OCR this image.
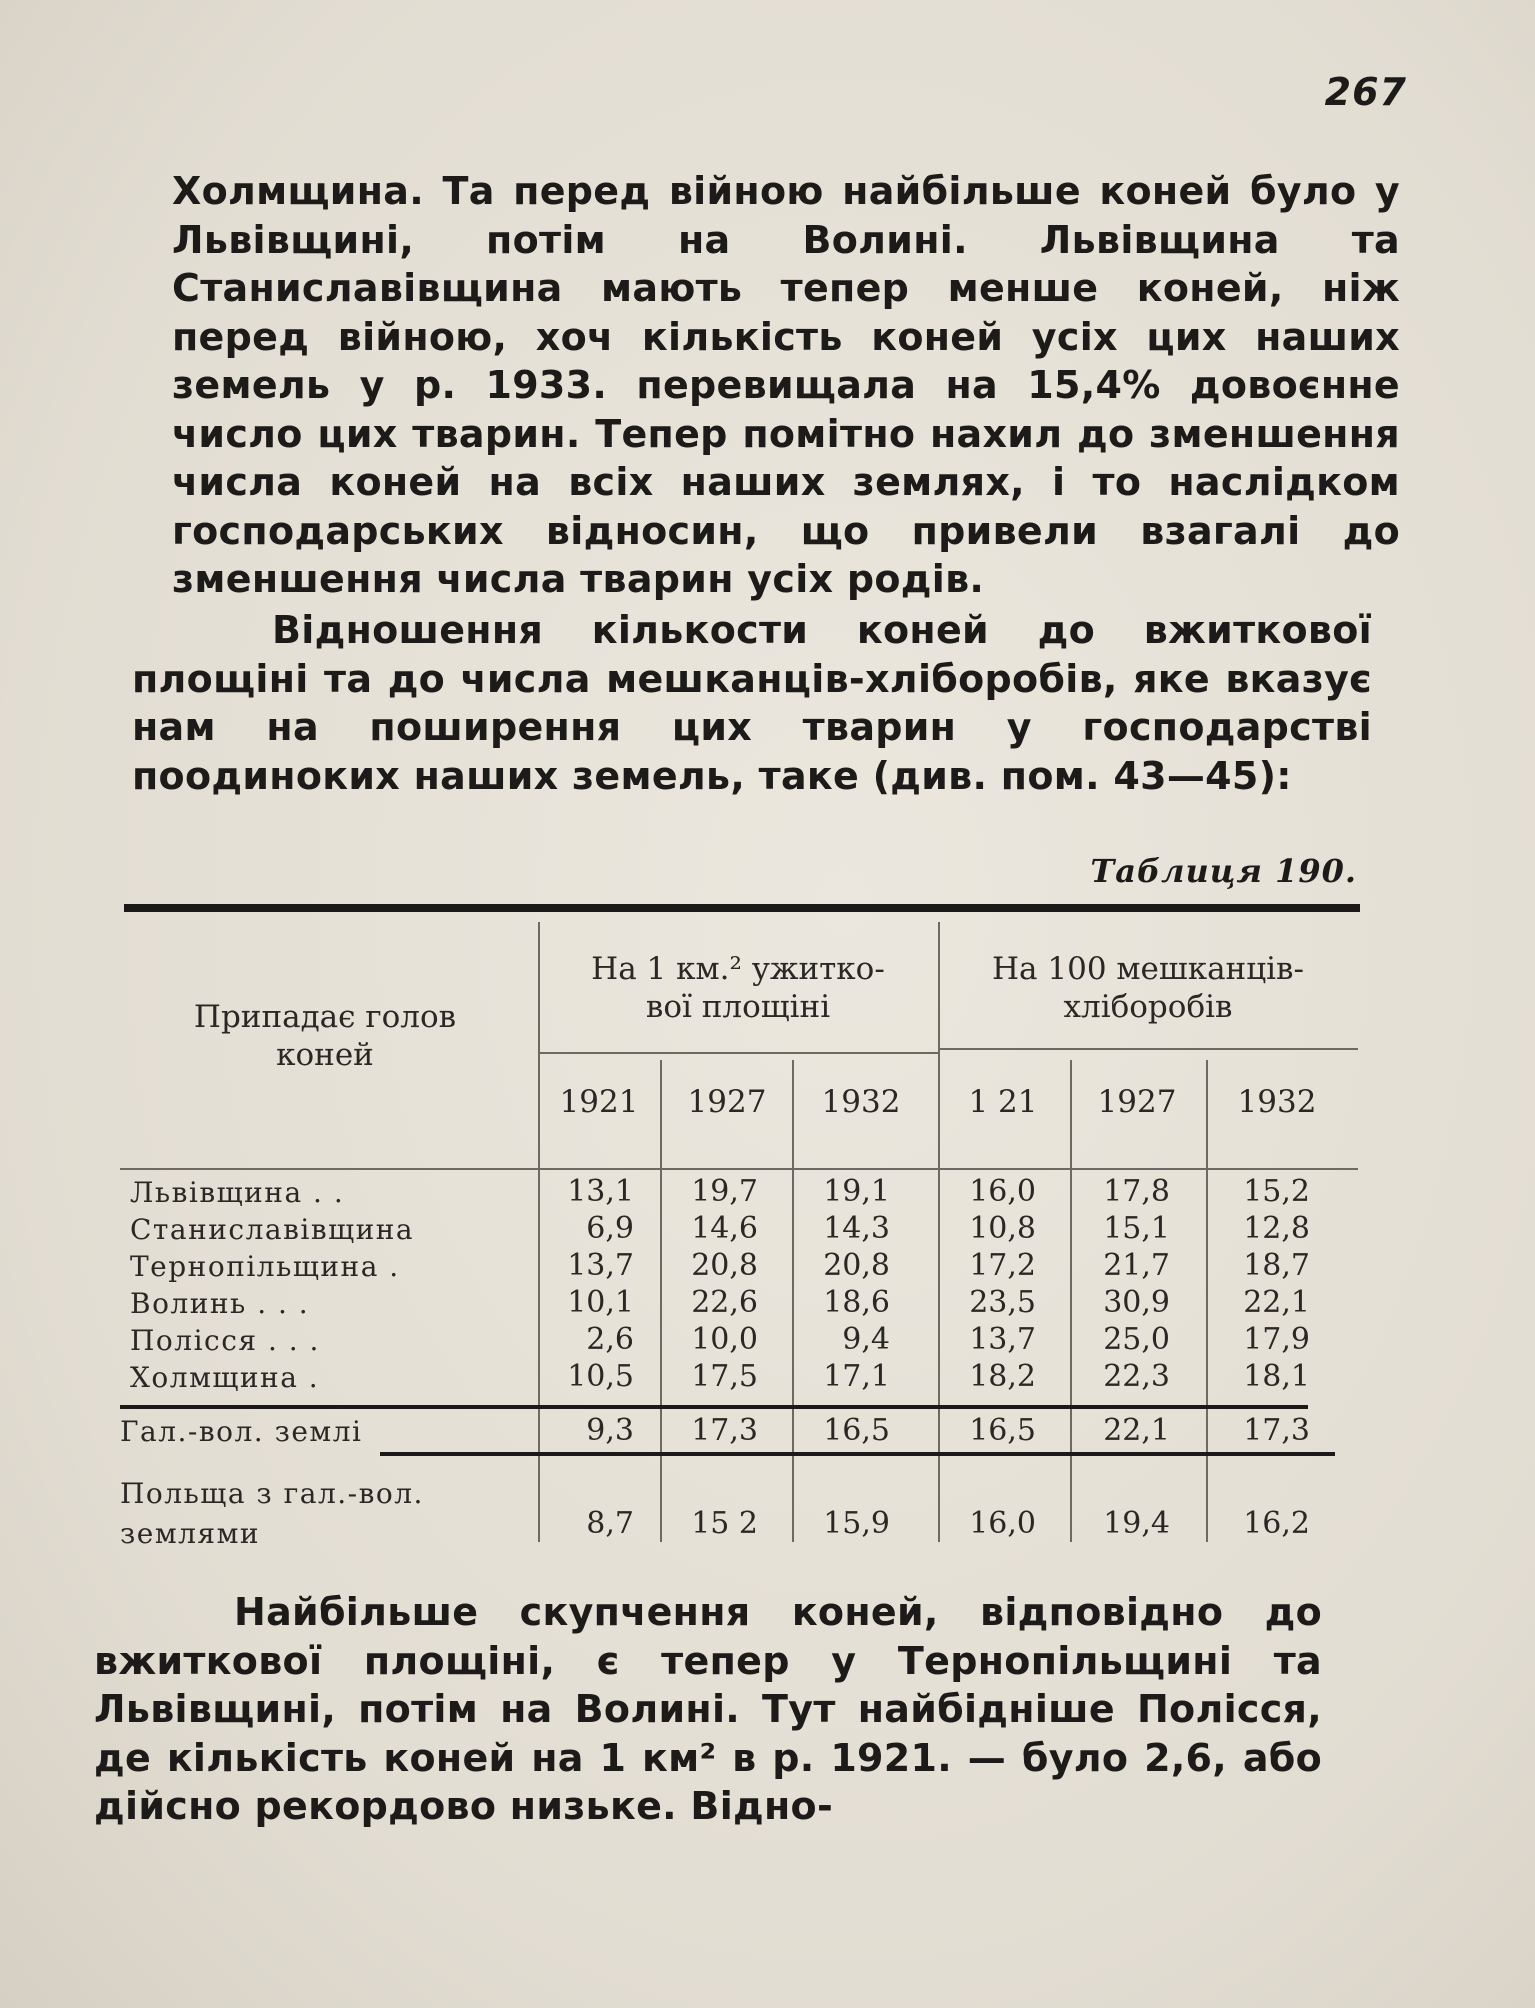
267

Холмщина. Та перед війною найбільше коней було у Львівщині, потім на Волині. Львівщина та Станиславівщина мають тепер менше коней, ніж перед війною, хоч кількість коней усіх цих наших земель у р. 1933. перевищала на 15,4% довоєнне число цих тварин. Тепер помітно нахил до зменшення числа коней на всіх наших землях, і то наслідком господарських відносин, що привели взагалі до зменшення числа тварин усіх родів.

Відношення кількости коней до вжиткової площіні та до числа мешканців-хліборобів, яке вказує нам на поширення цих тварин у господарстві поодиноких наших земель, таке (див. пом. 43—45):

Таблиця 190.
Припадає голов
коней
На 1 км.² ужитко-
вої площіні
На 100 мешканців-
хліборобів
1921	1927	1932	1 21	1927	1932
Львівщина . .	13,1	19,7	19,1	16,0	17,8	15,2
Станиславівщина	6,9	14,6	14,3	10,8	15,1	12,8
Тернопільщина .	13,7	20,8	20,8	17,2	21,7	18,7
Волинь . . .	10,1	22,6	18,6	23,5	30,9	22,1
Полісся . . .	2,6	10,0	9,4	13,7	25,0	17,9
Холмщина .	10,5	17,5	17,1	18,2	22,3	18,1
Гал.-вол. землі	9,3	17,3	16,5	16,5	22,1	17,3
Польща з гал.-вол.
землями	8,7	15 2	15,9	16,0	19,4	16,2

Найбільше скупчення коней, відповідно до вжиткової площіні, є тепер у Тернопільщині та Львівщині, потім на Волині. Тут найбідніше Полісся, де кількість коней на 1 км² в р. 1921. — було 2,6, або дійсно рекордово низьке. Відно-
